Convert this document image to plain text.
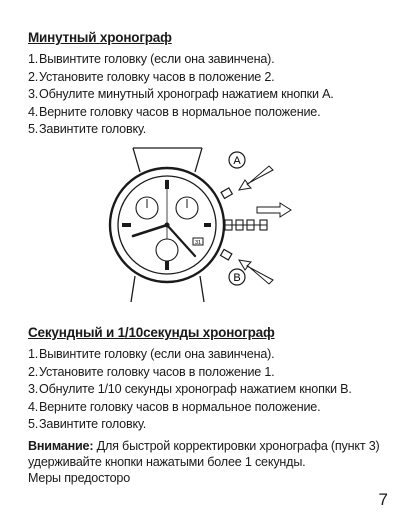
Минутный хронограф
1.Вывинтите головку (если она завинчена).
2.Установите головку часов в положение 2.
3.Обнулите минутный хронограф нажатием кнопки A.
4.Верните головку часов в нормальное положение.
5.Завинтите головку.
31
A
B
Секундный и 1/10секунды хронограф
1.Вывинтите головку (если она завинчена).
2.Установите головку часов в положение 1.
3.Обнулите 1/10 секунды хронограф нажатием кнопки B.
4.Верните головку часов в нормальное положение.
5.Завинтите головку.
Внимание: Для быстрой корректировки хронографа (пункт 3) удерживайте кнопки нажатыми более 1 секунды.
Меры предосторо
7
